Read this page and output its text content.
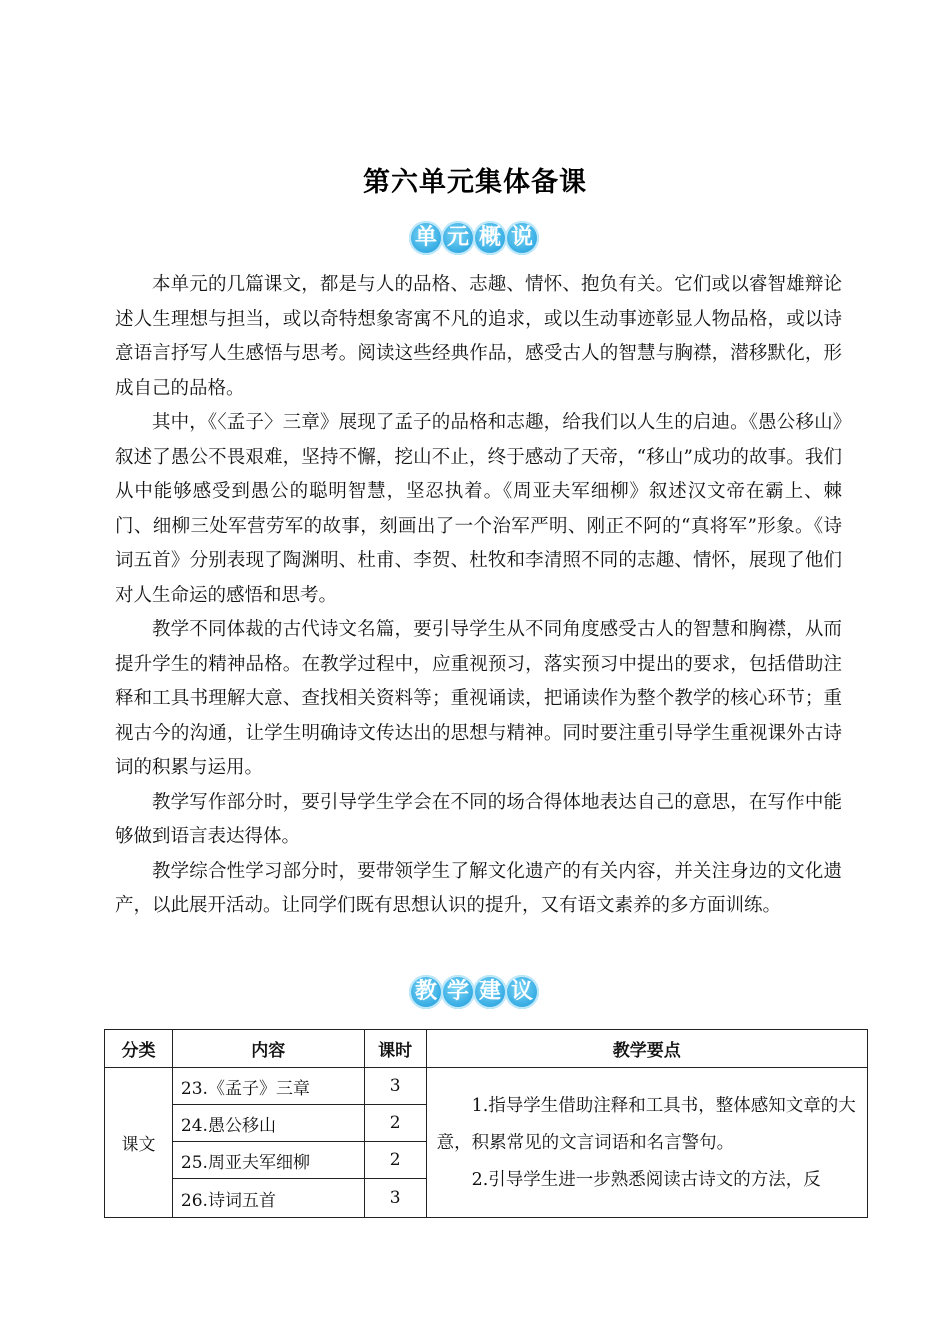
第六单元集体备课
单 元 概 说

本单元的几篇课文，都是与人的品格、志趣、情怀、抱负有关。它们或以睿智雄辩论述人生理想与担当，或以奇特想象寄寓不凡的追求，或以生动事迹彰显人物品格，或以诗意语言抒写人生感悟与思考。阅读这些经典作品，感受古人的智慧与胸襟，潜移默化，形成自己的品格。

其中，《〈孟子〉三章》展现了孟子的品格和志趣，给我们以人生的启迪。《愚公移山》叙述了愚公不畏艰难，坚持不懈，挖山不止，终于感动了天帝，“移山”成功的故事。我们从中能够感受到愚公的聪明智慧，坚忍执着。《周亚夫军细柳》叙述汉文帝在霸上、棘门、细柳三处军营劳军的故事，刻画出了一个治军严明、刚正不阿的“真将军”形象。《诗词五首》分别表现了陶渊明、杜甫、李贺、杜牧和李清照不同的志趣、情怀，展现了他们对人生命运的感悟和思考。

教学不同体裁的古代诗文名篇，要引导学生从不同角度感受古人的智慧和胸襟，从而提升学生的精神品格。在教学过程中，应重视预习，落实预习中提出的要求，包括借助注释和工具书理解大意、查找相关资料等；重视诵读，把诵读作为整个教学的核心环节；重视古今的沟通，让学生明确诗文传达出的思想与精神。同时要注重引导学生重视课外古诗词的积累与运用。

教学写作部分时，要引导学生学会在不同的场合得体地表达自己的意思，在写作中能够做到语言表达得体。

教学综合性学习部分时，要带领学生了解文化遗产的有关内容，并关注身边的文化遗产，以此展开活动。让同学们既有思想认识的提升，又有语文素养的多方面训练。

教 学 建 议
分类	内容	课时	教学要点
课文	23.《孟子》三章	3	1.指导学生借助注释和工具书，整体感知文章的大意，积累常见的文言词语和名言警句。
2.引导学生进一步熟悉阅读古诗文的方法，反

	24.愚公移山	2	
	25.周亚夫军细柳	2	
	26.诗词五首	3	
